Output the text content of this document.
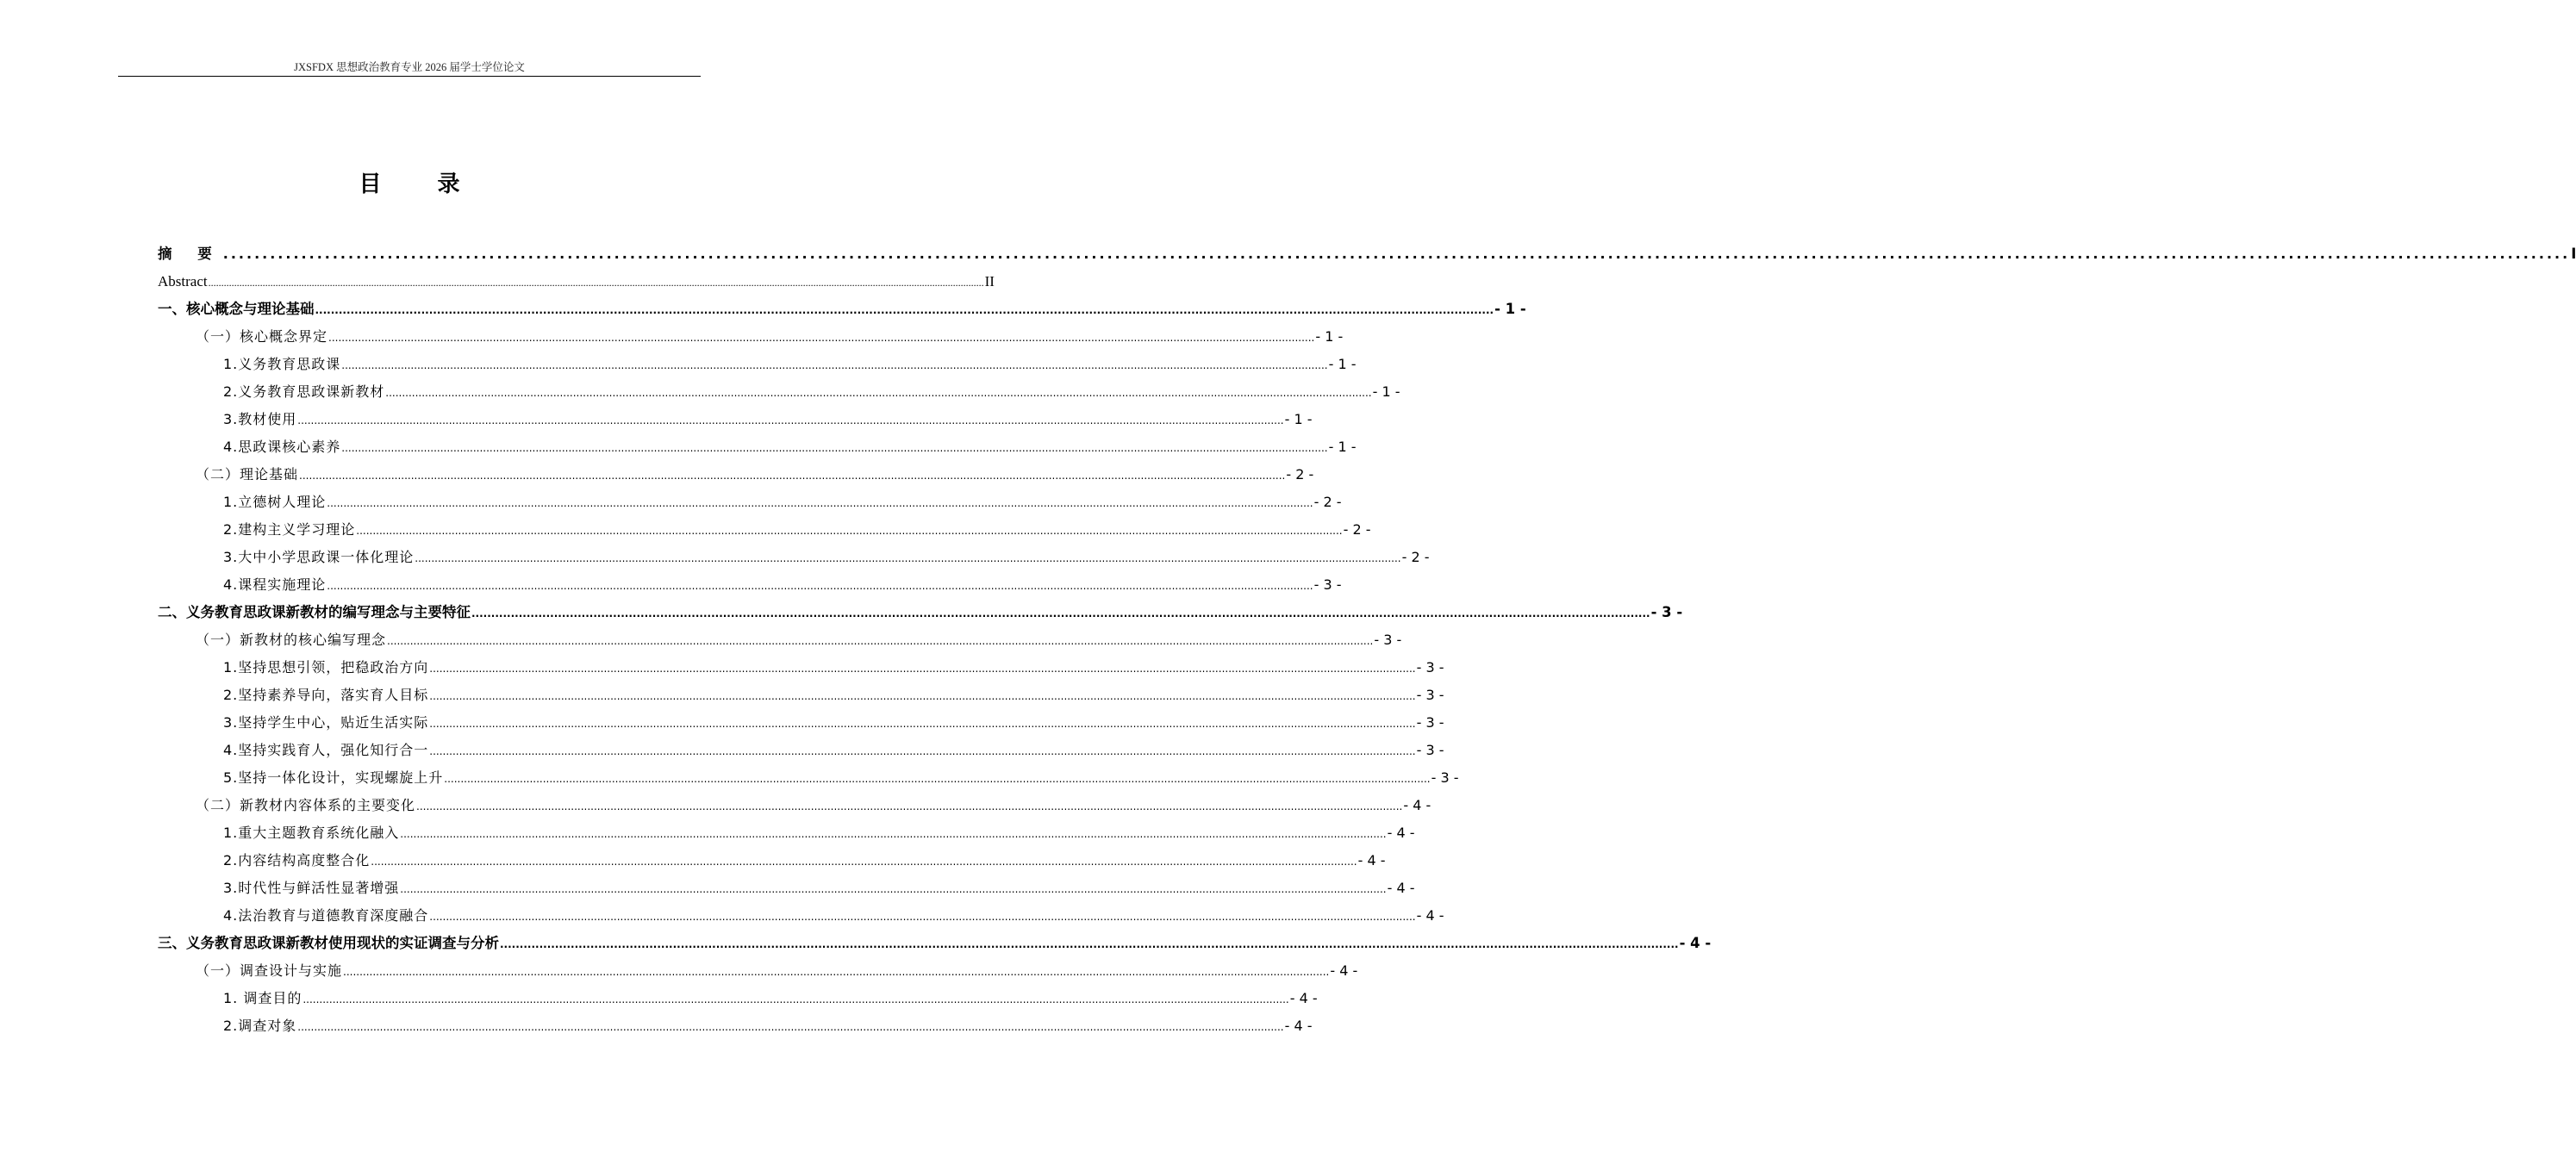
JXSFDX 思想政治教育专业 2026 届学士学位论文
目 录
摘 要 ............................................................................................................................................................................................................................................................................................................ I
Abstract ............................................................................................................................................................................................................................................................................................................ II
一、核心概念与理论基础 ............................................................................................................................................................................................................................................................................................................ - 1 -
（一）核心概念界定 ............................................................................................................................................................................................................................................................................................................ - 1 -
1.义务教育思政课 ............................................................................................................................................................................................................................................................................................................ - 1 -
2.义务教育思政课新教材 ............................................................................................................................................................................................................................................................................................................ - 1 -
3.教材使用 ............................................................................................................................................................................................................................................................................................................ - 1 -
4.思政课核心素养 ............................................................................................................................................................................................................................................................................................................ - 1 -
（二）理论基础 ............................................................................................................................................................................................................................................................................................................ - 2 -
1.立德树人理论 ............................................................................................................................................................................................................................................................................................................ - 2 -
2.建构主义学习理论 ............................................................................................................................................................................................................................................................................................................ - 2 -
3.大中小学思政课一体化理论 ............................................................................................................................................................................................................................................................................................................ - 2 -
4.课程实施理论 ............................................................................................................................................................................................................................................................................................................ - 3 -
二、义务教育思政课新教材的编写理念与主要特征 ............................................................................................................................................................................................................................................................................................................ - 3 -
（一）新教材的核心编写理念 ............................................................................................................................................................................................................................................................................................................ - 3 -
1.坚持思想引领，把稳政治方向 ............................................................................................................................................................................................................................................................................................................ - 3 -
2.坚持素养导向，落实育人目标 ............................................................................................................................................................................................................................................................................................................ - 3 -
3.坚持学生中心，贴近生活实际 ............................................................................................................................................................................................................................................................................................................ - 3 -
4.坚持实践育人，强化知行合一 ............................................................................................................................................................................................................................................................................................................ - 3 -
5.坚持一体化设计，实现螺旋上升 ............................................................................................................................................................................................................................................................................................................ - 3 -
（二）新教材内容体系的主要变化 ............................................................................................................................................................................................................................................................................................................ - 4 -
1.重大主题教育系统化融入 ............................................................................................................................................................................................................................................................................................................ - 4 -
2.内容结构高度整合化 ............................................................................................................................................................................................................................................................................................................ - 4 -
3.时代性与鲜活性显著增强 ............................................................................................................................................................................................................................................................................................................ - 4 -
4.法治教育与道德教育深度融合 ............................................................................................................................................................................................................................................................................................................ - 4 -
三、义务教育思政课新教材使用现状的实证调查与分析 ............................................................................................................................................................................................................................................................................................................ - 4 -
（一）调查设计与实施 ............................................................................................................................................................................................................................................................................................................ - 4 -
1. 调查目的 ............................................................................................................................................................................................................................................................................................................ - 4 -
2.调查对象 ............................................................................................................................................................................................................................................................................................................ - 4 -
